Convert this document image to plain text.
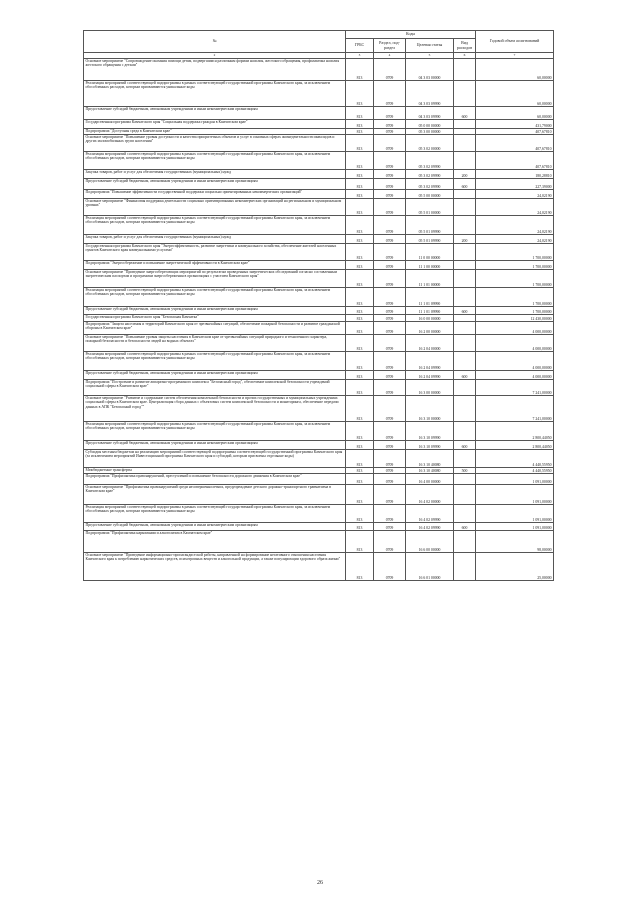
№	Коды				Годовой объем ассигнований
	ГРБС	Раздел, под-раздел	Целевая статья	Вид расходов	
2	3	4	5	6	7
Основное мероприятие "Сопровождение оказания помощи детям, подвергшимся различным формам насилия, жестокого обращения, профилактика насилия жестокого обращения с детьми"	813	0709	04 3 03 00000		60,00000
Реализация мероприятий соответствующей подпрограммы в рамках соответствующей государственной программы Камчатского края, за исключением обособленных расходов, которым присваиваются уникальные коды	813	0709	04 3 03 09990		60,00000
Предоставление субсидий бюджетным, автономным учреждениям и иным некоммерческим организациям	813	0709	04 3 03 09990	600	60,00000
Государственная программа Камчатского края "Социальная поддержка граждан в Камчатском крае"	813	0709	05 0 00 00000		431,79000
Подпрограмма "Доступная среда в Камчатском крае"	813	0709	05 3 00 00000		407,67810
Основное мероприятие "Повышение уровня доступности и качества приоритетных объектов и услуг в основных сферах жизнедеятельности инвалидов и других маломобильных групп населения"	813	0709	05 3 02 00000		407,67810
Реализация мероприятий соответствующей подпрограммы в рамках соответствующей государственной программы Камчатского края, за исключением обособленных расходов, которым присваиваются уникальные коды	813	0709	05 3 02 09990		407,67810
Закупка товаров, работ и услуг для обеспечения государственных (муниципальных) нужд	813	0709	05 3 02 09990	200	180,28810
Предоставление субсидий бюджетным, автономным учреждениям и иным некоммерческим организациям	813	0709	05 3 02 09990	600	227,39000
Подпрограмма "Повышение эффективности государственной поддержки социально ориентированных некоммерческих организаций"	813	0709	05 5 00 00000		24,02190
Основное мероприятие "Финансовая поддержка деятельности социально ориентированных некоммерческих организаций на региональном и муниципальном уровнях"	813	0709	05 5 01 00000		24,02190
Реализация мероприятий соответствующей подпрограммы в рамках соответствующей государственной программы Камчатского края, за исключением обособленных расходов, которым присваиваются уникальные коды	813	0709	05 5 01 09990		24,02190
Закупка товаров, работ и услуг для обеспечения государственных (муниципальных) нужд	813	0709	05 5 01 09990	200	24,02190
Государственная программа Камчатского края "Энергоэффективность, развитие энергетики и коммунального хозяйства, обеспечение жителей населенных пунктов Камчатского края коммунальными услугами"	813	0709	11 0 00 00000		1 700,00000
Подпрограмма "Энергосбережение и повышение энергетической эффективности в Камчатском крае"	813	0709	11 1 00 00000		1 700,00000
Основное мероприятие "Проведение энергосберегающих мероприятий по результатам проведенных энергетических обследований согласно составленным энергетическим паспортам и программам энергосбережения в организациях с участием Камчатского края"	813	0709	11 1 01 00000		1 700,00000
Реализация мероприятий соответствующей подпрограммы в рамках соответствующей государственной программы Камчатского края, за исключением обособленных расходов, которым присваиваются уникальные коды	813	0709	11 1 01 09990		1 700,00000
Предоставление субсидий бюджетным, автономным учреждениям и иным некоммерческим организациям	813	0709	11 1 01 09990	600	1 700,00000
Государственная программа Камчатского края "Безопасная Камчатка"	813	0709	16 0 00 00000		12 430,00000
Подпрограмма "Защита населения и территорий Камчатского края от чрезвычайных ситуаций, обеспечение пожарной безопасности и развитие гражданской обороны в Камчатском крае"	813	0709	16 2 00 00000		4 000,00000
Основное мероприятие "Повышение уровня защиты населения в Камчатском крае от чрезвычайных ситуаций природного и техногенного характера, пожарной безопасности и безопасности людей на водных объектах"	813	0709	16 2 04 00000		4 000,00000
Реализация мероприятий соответствующей подпрограммы в рамках соответствующей государственной программы Камчатского края, за исключением обособленных расходов, которым присваиваются уникальные коды	813	0709	16 2 04 09990		4 000,00000
Предоставление субсидий бюджетным, автономным учреждениям и иным некоммерческим организациям	813	0709	16 2 04 09990	600	4 000,00000
Подпрограмма "Построение и развитие аппаратно-программного комплекса "Безопасный город", обеспечение комплексной безопасности учреждений социальной сферы в Камчатском крае"	813	0709	16 3 00 00000		7 241,00000
Основное мероприятие "Развитие и содержание систем обеспечения комплексной безопасности и прочих государственных и муниципальных учреждениях социальной сферы в Камчатском крае. Централизация сбора данных с объектовых систем комплексной безопасности и мониторинга, обеспечение передачи данных в АПК "Безопасный город""	813	0709	16 3 10 00000		7 241,00000
Реализация мероприятий соответствующей подпрограммы в рамках соответствующей государственной программы Камчатского края, за исключением обособленных расходов, которым присваиваются уникальные коды	813	0709	16 3 10 09990		2 800,44050
Предоставление субсидий бюджетным, автономным учреждениям и иным некоммерческим организациям	813	0709	16 3 10 09990	600	2 800,44050
Субсидия местным бюджетам на реализацию мероприятий соответствующей подпрограммы соответствующей государственной программы Камчатского края (за исключением мероприятий Инвестиционной программы Камчатского края и субсидий, которым присвоены отдельные коды)	813	0709	16 3 10 40080		4 440,55950
Межбюджетные трансферты	813	0709	16 3 10 40080	500	4 440,55950
Подпрограмма "Профилактика правонарушений, преступлений и повышение безопасности дорожного движения в Камчатском крае"	813	0709	16 4 00 00000		1 091,00000
Основное мероприятие "Профилактика правонарушений среди несовершеннолетних, предупреждение детского дорожно-транспортного травматизма в Камчатском крае"	813	0709	16 4 02 00000		1 091,00000
Реализация мероприятий соответствующей подпрограммы в рамках соответствующей государственной программы Камчатского края, за исключением обособленных расходов, которым присваиваются уникальные коды	813	0709	16 4 02 09990		1 091,00000
Предоставление субсидий бюджетным, автономным учреждениям и иным некоммерческим организациям	813	0709	16 4 02 09990	600	1 091,00000
Подпрограмма "Профилактика наркомании и алкоголизма в Камчатском крае"	813	0709	16 6 00 00000		98,00000
Основное мероприятие "Проведение информационно-пропагандистской работы, направленной на формирование негативного отношения населения Камчатского края к потреблению наркотических средств, психотропных веществ и алкогольной продукции, а также популяризации здорового образа жизни"	813	0709	16 6 01 00000		25,00000
26
